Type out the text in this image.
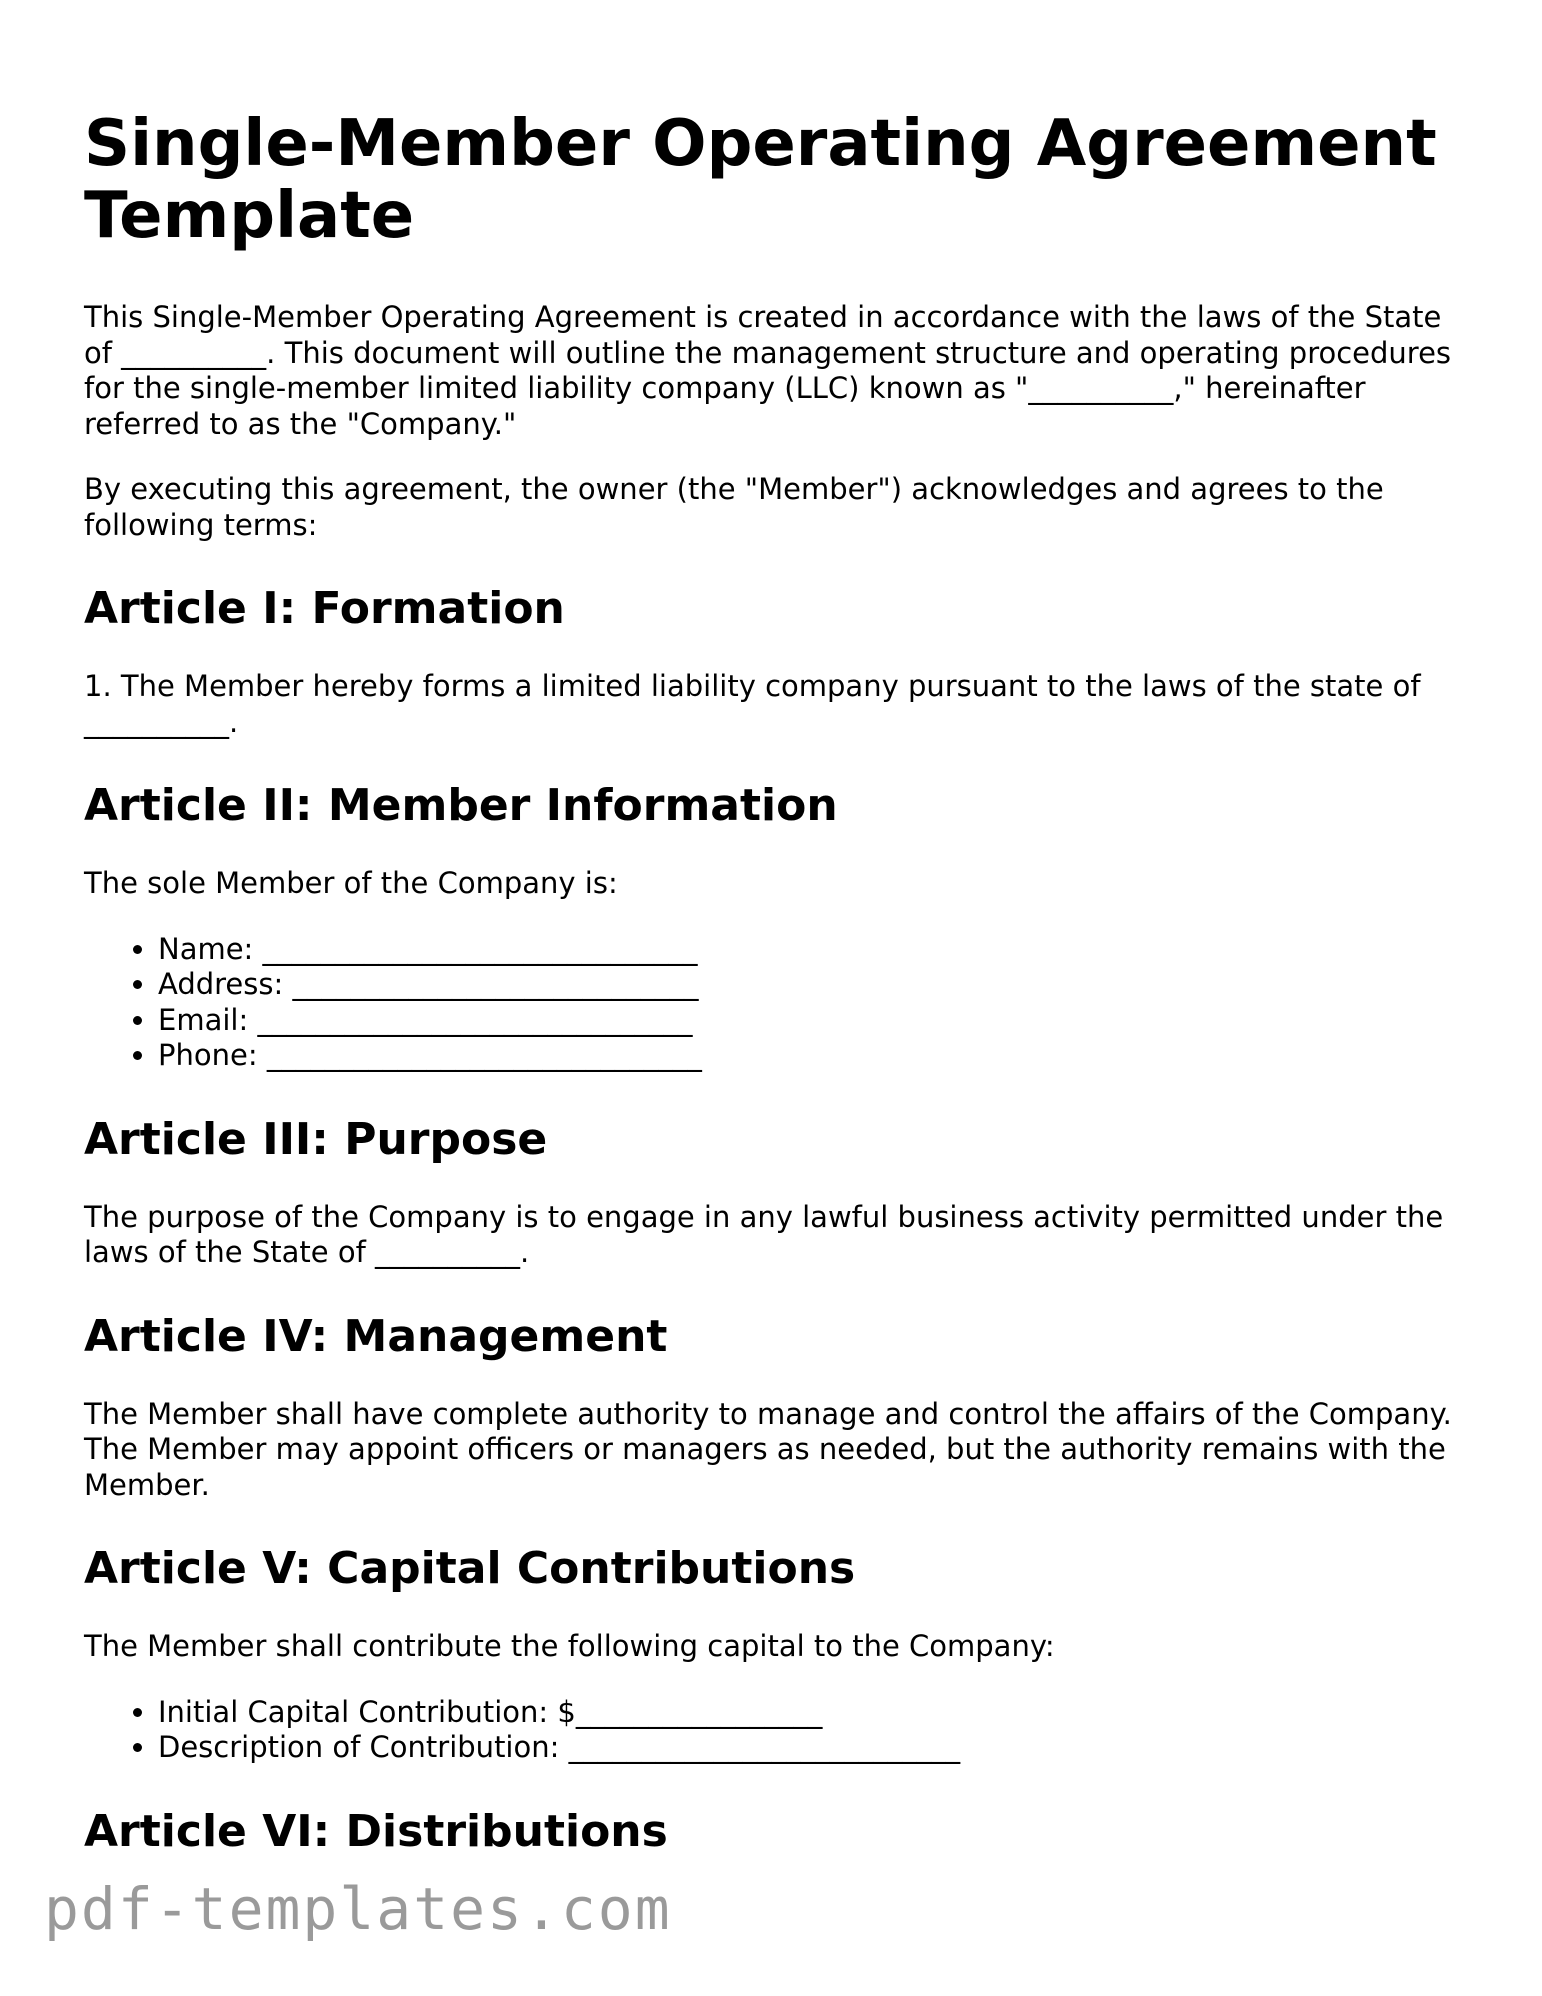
Single-Member Operating Agreement Template

This Single-Member Operating Agreement is created in accordance with the laws of the State of __________. This document will outline the management structure and operating procedures for the single-member limited liability company (LLC) known as "__________," hereinafter referred to as the "Company."

By executing this agreement, the owner (the "Member") acknowledges and agrees to the following terms:

Article I: Formation

1. The Member hereby forms a limited liability company pursuant to the laws of the state of __________.

Article II: Member Information

The sole Member of the Company is:

• Name: ______________________________
• Address: ____________________________
• Email: ______________________________
• Phone: ______________________________
Article III: Purpose

The purpose of the Company is to engage in any lawful business activity permitted under the laws of the State of __________.

Article IV: Management

The Member shall have complete authority to manage and control the affairs of the Company. The Member may appoint officers or managers as needed, but the authority remains with the Member.

Article V: Capital Contributions

The Member shall contribute the following capital to the Company:

• Initial Capital Contribution: $_________________
• Description of Contribution: ___________________________
Article VI: Distributions
pdf-templates.com
